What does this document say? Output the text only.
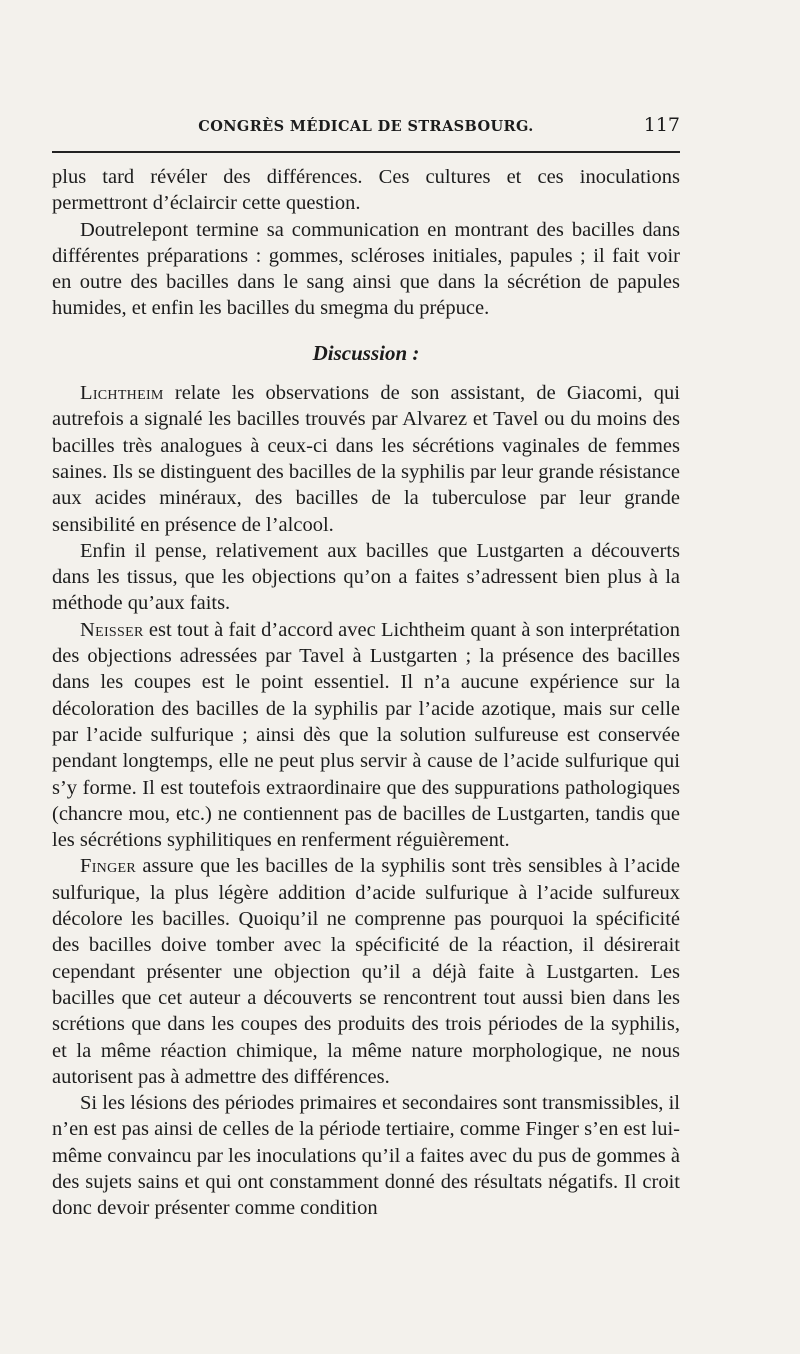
CONGRÈS MÉDICAL DE STRASBOURG.	117

plus tard révéler des différences. Ces cultures et ces inoculations permettront d’éclaircir cette question.

Doutrelepont termine sa communication en montrant des bacilles dans différentes préparations : gommes, scléroses initiales, papules ; il fait voir en outre des bacilles dans le sang ainsi que dans la sécrétion de papules humides, et enfin les bacilles du smegma du prépuce.

Discussion :

Lichtheim relate les observations de son assistant, de Giacomi, qui autrefois a signalé les bacilles trouvés par Alvarez et Tavel ou du moins des bacilles très analogues à ceux-ci dans les sécrétions vaginales de femmes saines. Ils se distinguent des bacilles de la syphilis par leur grande résistance aux acides minéraux, des bacilles de la tuberculose par leur grande sensibilité en présence de l’alcool.

Enfin il pense, relativement aux bacilles que Lustgarten a découverts dans les tissus, que les objections qu’on a faites s’adressent bien plus à la méthode qu’aux faits.

Neisser est tout à fait d’accord avec Lichtheim quant à son interprétation des objections adressées par Tavel à Lustgarten ; la présence des bacilles dans les coupes est le point essentiel. Il n’a aucune expérience sur la décoloration des bacilles de la syphilis par l’acide azotique, mais sur celle par l’acide sulfurique ; ainsi dès que la solution sulfureuse est conservée pendant longtemps, elle ne peut plus servir à cause de l’acide sulfurique qui s’y forme. Il est toutefois extraordinaire que des suppurations pathologiques (chancre mou, etc.) ne contiennent pas de bacilles de Lustgarten, tandis que les sécrétions syphilitiques en renferment réguièrement.

Finger assure que les bacilles de la syphilis sont très sensibles à l’acide sulfurique, la plus légère addition d’acide sulfurique à l’acide sulfureux décolore les bacilles. Quoiqu’il ne comprenne pas pourquoi la spécificité des bacilles doive tomber avec la spécificité de la réaction, il désirerait cependant présenter une objection qu’il a déjà faite à Lustgarten. Les bacilles que cet auteur a découverts se rencontrent tout aussi bien dans les scrétions que dans les coupes des produits des trois périodes de la syphilis, et la même réaction chimique, la même nature morphologique, ne nous autorisent pas à admettre des différences.

Si les lésions des périodes primaires et secondaires sont transmissibles, il n’en est pas ainsi de celles de la période tertiaire, comme Finger s’en est lui-même convaincu par les inoculations qu’il a faites avec du pus de gommes à des sujets sains et qui ont constamment donné des résultats négatifs. Il croit donc devoir présenter comme condition
